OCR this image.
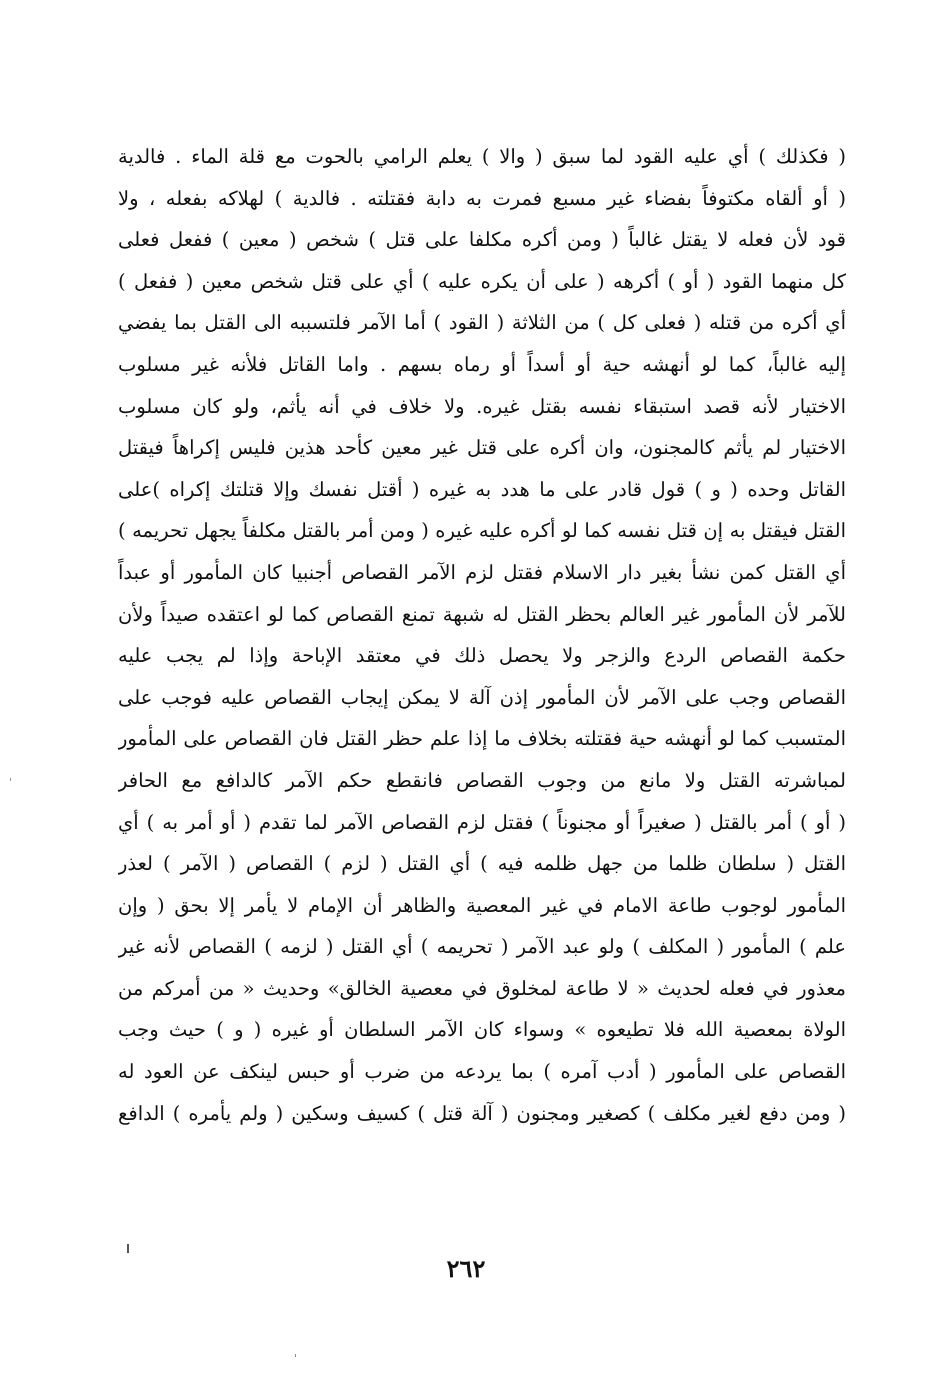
( فكذلك ) أي عليه القود لما سبق ( والا ) يعلم الرامي بالحوت مع قلة الماء . فالدية
( أو ألقاه مكتوفاً بفضاء غير مسبع فمرت به دابة فقتلته . فالدية ) لهلاكه بفعله ، ولا
قود لأن فعله لا يقتل غالباً ( ومن أكره مكلفا على قتل ) شخص ( معين ) ففعل فعلى
كل منهما القود ( أو ) أكرهه ( على أن يكره عليه ) أي على قتل شخص معين ( ففعل )
أي أكره من قتله ( فعلى كل ) من الثلاثة ( القود ) أما الآمر فلتسببه الى القتل بما يفضي
إليه غالباً، كما لو أنهشه حية أو أسداً أو رماه بسهم . واما القاتل فلأنه غير مسلوب
الاختيار لأنه قصد استبقاء نفسه بقتل غيره. ولا خلاف في أنه يأثم، ولو كان مسلوب
الاختيار لم يأثم كالمجنون، وان أكره على قتل غير معين كأحد هذين فليس إكراهاً فيقتل
القاتل وحده ( و ) قول قادر على ما هدد به غيره ( أقتل نفسك وإلا قتلتك إكراه )على
القتل فيقتل به إن قتل نفسه كما لو أكره عليه غيره ( ومن أمر بالقتل مكلفاً يجهل تحريمه )
أي القتل كمن نشأ بغير دار الاسلام فقتل لزم الآمر القصاص أجنبيا كان المأمور أو عبداً
للآمر لأن المأمور غير العالم بحظر القتل له شبهة تمنع القصاص كما لو اعتقده صيداً ولأن
حكمة القصاص الردع والزجر ولا يحصل ذلك في معتقد الإباحة وإذا لم يجب عليه
القصاص وجب على الآمر لأن المأمور إذن آلة لا يمكن إيجاب القصاص عليه فوجب على
المتسبب كما لو أنهشه حية فقتلته بخلاف ما إذا علم حظر القتل فان القصاص على المأمور
لمباشرته القتل ولا مانع من وجوب القصاص فانقطع حكم الآمر كالدافع مع الحافر
( أو ) أمر بالقتل ( صغيراً أو مجنوناً ) فقتل لزم القصاص الآمر لما تقدم ( أو أمر به ) أي
القتل ( سلطان ظلما من جهل ظلمه فيه ) أي القتل ( لزم ) القصاص ( الآمر ) لعذر
المأمور لوجوب طاعة الامام في غير المعصية والظاهر أن الإمام لا يأمر إلا بحق ( وإن
علم ) المأمور ( المكلف ) ولو عبد الآمر ( تحريمه ) أي القتل ( لزمه ) القصاص لأنه غير
معذور في فعله لحديث « لا طاعة لمخلوق في معصية الخالق» وحديث « من أمركم من
الولاة بمعصية الله فلا تطيعوه » وسواء كان الآمر السلطان أو غيره ( و ) حيث وجب
القصاص على المأمور ( أدب آمره ) بما يردعه من ضرب أو حبس لينكف عن العود له
( ومن دفع لغير مكلف ) كصغير ومجنون ( آلة قتل ) كسيف وسكين ( ولم يأمره ) الدافع
٢٦٢
